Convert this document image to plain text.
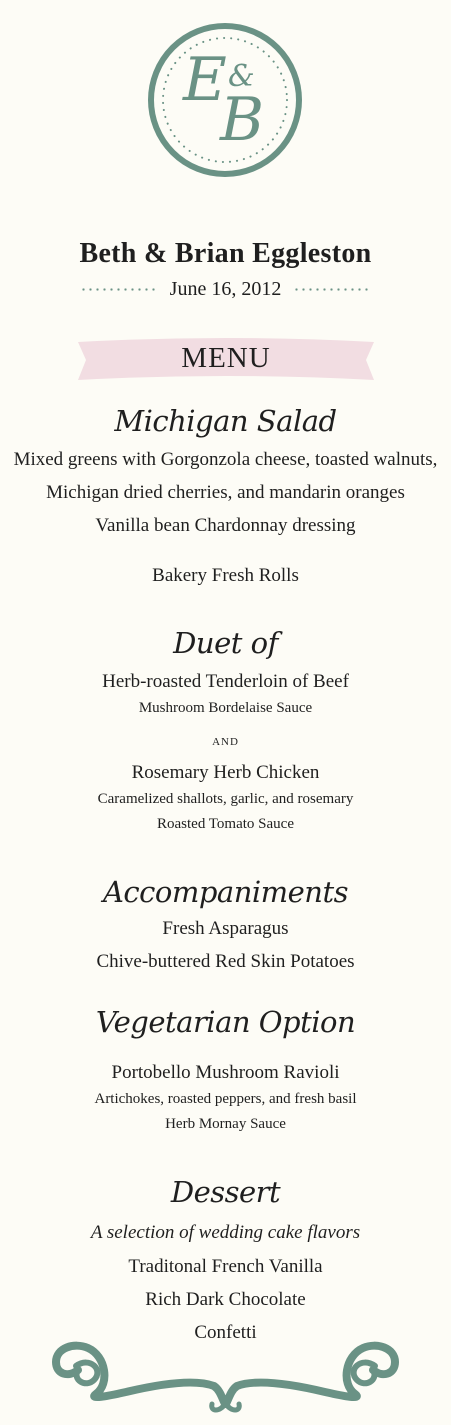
E &
B
Beth & Brian Eggleston
June 16, 2012
MENU
Michigan Salad
Mixed greens with Gorgonzola cheese, toasted walnuts,
Michigan dried cherries, and mandarin oranges
Vanilla bean Chardonnay dressing
Bakery Fresh Rolls
Duet of
Herb-roasted Tenderloin of Beef
Mushroom Bordelaise Sauce
AND
Rosemary Herb Chicken
Caramelized shallots, garlic, and rosemary
Roasted Tomato Sauce
Accompaniments
Fresh Asparagus
Chive-buttered Red Skin Potatoes
Vegetarian Option
Portobello Mushroom Ravioli
Artichokes, roasted peppers, and fresh basil
Herb Mornay Sauce
Dessert
A selection of wedding cake flavors
Traditonal French Vanilla
Rich Dark Chocolate
Confetti
